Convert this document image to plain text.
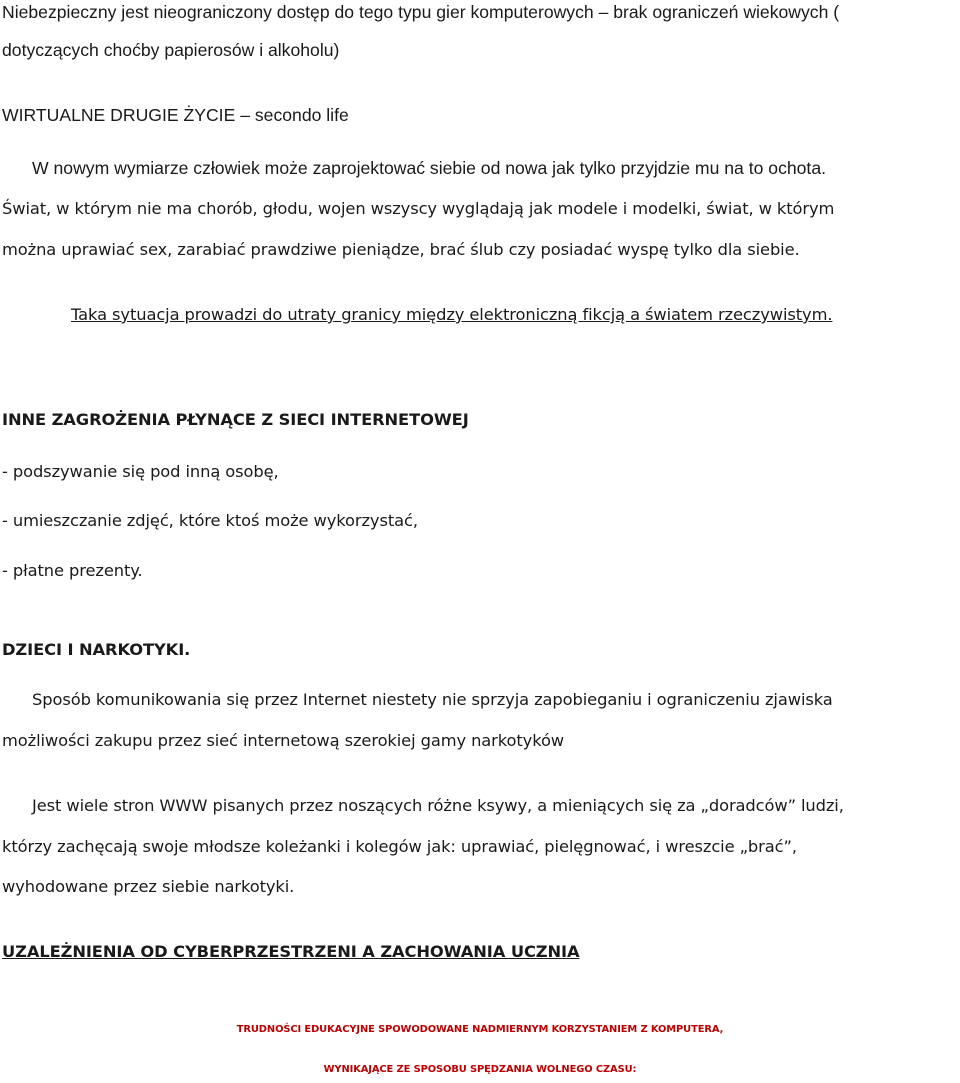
Niebezpieczny jest nieograniczony dostęp do tego typu gier komputerowych – brak ograniczeń wiekowych (
dotyczących choćby papierosów i alkoholu)
WIRTUALNE DRUGIE ŻYCIE – secondo life
W nowym wymiarze człowiek może zaprojektować siebie od nowa jak tylko przyjdzie mu na to ochota.
Świat, w którym nie ma chorób, głodu, wojen wszyscy wyglądają jak modele i modelki, świat, w którym
można uprawiać sex, zarabiać prawdziwe pieniądze, brać ślub czy posiadać wyspę tylko dla siebie.
Taka sytuacja prowadzi do utraty granicy między elektroniczną fikcją a światem rzeczywistym.
INNE ZAGROŻENIA PŁYNĄCE Z SIECI INTERNETOWEJ
- podszywanie się pod inną osobę,
- umieszczanie zdjęć, które ktoś może wykorzystać,
- płatne prezenty.
DZIECI I NARKOTYKI.
Sposób komunikowania się przez Internet niestety nie sprzyja zapobieganiu i ograniczeniu zjawiska
możliwości zakupu przez sieć internetową szerokiej gamy narkotyków
Jest wiele stron WWW pisanych przez noszących różne ksywy, a mieniących się za „doradców” ludzi,
którzy zachęcają swoje młodsze koleżanki i kolegów jak: uprawiać, pielęgnować, i wreszcie „brać”,
wyhodowane przez siebie narkotyki.
UZALEŻNIENIA OD CYBERPRZESTRZENI A ZACHOWANIA UCZNIA
TRUDNOŚCI EDUKACYJNE SPOWODOWANE NADMIERNYM KORZYSTANIEM Z KOMPUTERA,
WYNIKAJĄCE ZE SPOSOBU SPĘDZANIA WOLNEGO CZASU:
